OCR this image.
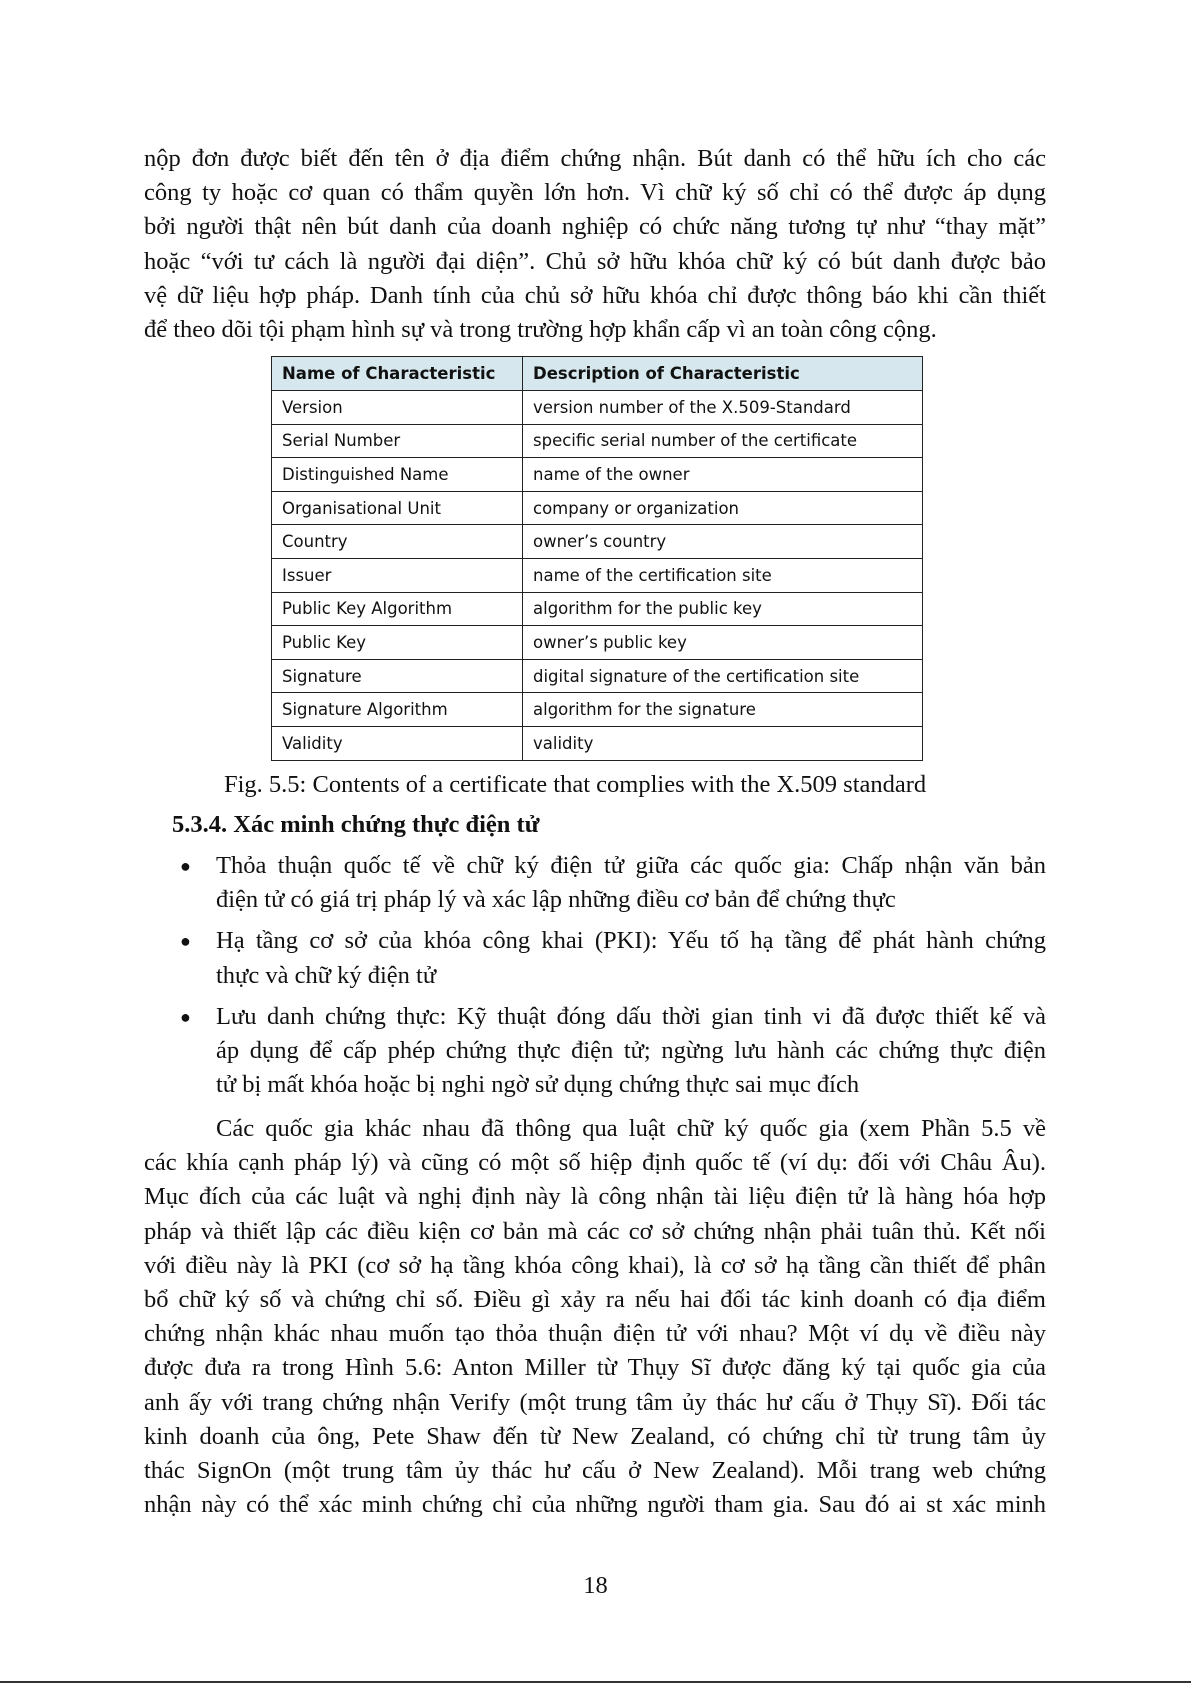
nộp đơn được biết đến tên ở địa điểm chứng nhận. Bút danh có thể hữu ích cho các
công ty hoặc cơ quan có thẩm quyền lớn hơn. Vì chữ ký số chỉ có thể được áp dụng
bởi người thật nên bút danh của doanh nghiệp có chức năng tương tự như “thay mặt”
hoặc “với tư cách là người đại diện”. Chủ sở hữu khóa chữ ký có bút danh được bảo
vệ dữ liệu hợp pháp. Danh tính của chủ sở hữu khóa chỉ được thông báo khi cần thiết
để theo dõi tội phạm hình sự và trong trường hợp khẩn cấp vì an toàn công cộng.

Name of Characteristic	Description of Characteristic
Version	version number of the X.509-Standard
Serial Number	specific serial number of the certificate
Distinguished Name	name of the owner
Organisational Unit	company or organization
Country	owner’s country
Issuer	name of the certification site
Public Key Algorithm	algorithm for the public key
Public Key	owner’s public key
Signature	digital signature of the certification site
Signature Algorithm	algorithm for the signature
Validity	validity

Fig. 5.5: Contents of a certificate that complies with the X.509 standard

5.3.4. Xác minh chứng thực điện tử

● Thỏa thuận quốc tế về chữ ký điện tử giữa các quốc gia: Chấp nhận văn bản
điện tử có giá trị pháp lý và xác lập những điều cơ bản để chứng thực
● Hạ tầng cơ sở của khóa công khai (PKI): Yếu tố hạ tầng để phát hành chứng
thực và chữ ký điện tử
● Lưu danh chứng thực: Kỹ thuật đóng dấu thời gian tinh vi đã được thiết kế và
áp dụng để cấp phép chứng thực điện tử; ngừng lưu hành các chứng thực điện
tử bị mất khóa hoặc bị nghi ngờ sử dụng chứng thực sai mục đích

Các quốc gia khác nhau đã thông qua luật chữ ký quốc gia (xem Phần 5.5 về
các khía cạnh pháp lý) và cũng có một số hiệp định quốc tế (ví dụ: đối với Châu Âu).
Mục đích của các luật và nghị định này là công nhận tài liệu điện tử là hàng hóa hợp
pháp và thiết lập các điều kiện cơ bản mà các cơ sở chứng nhận phải tuân thủ. Kết nối
với điều này là PKI (cơ sở hạ tầng khóa công khai), là cơ sở hạ tầng cần thiết để phân
bổ chữ ký số và chứng chỉ số. Điều gì xảy ra nếu hai đối tác kinh doanh có địa điểm
chứng nhận khác nhau muốn tạo thỏa thuận điện tử với nhau? Một ví dụ về điều này
được đưa ra trong Hình 5.6: Anton Miller từ Thụy Sĩ được đăng ký tại quốc gia của
anh ấy với trang chứng nhận Verify (một trung tâm ủy thác hư cấu ở Thụy Sĩ). Đối tác
kinh doanh của ông, Pete Shaw đến từ New Zealand, có chứng chỉ từ trung tâm ủy
thác SignOn (một trung tâm ủy thác hư cấu ở New Zealand). Mỗi trang web chứng
nhận này có thể xác minh chứng chỉ của những người tham gia. Sau đó ai st xác minh

18
